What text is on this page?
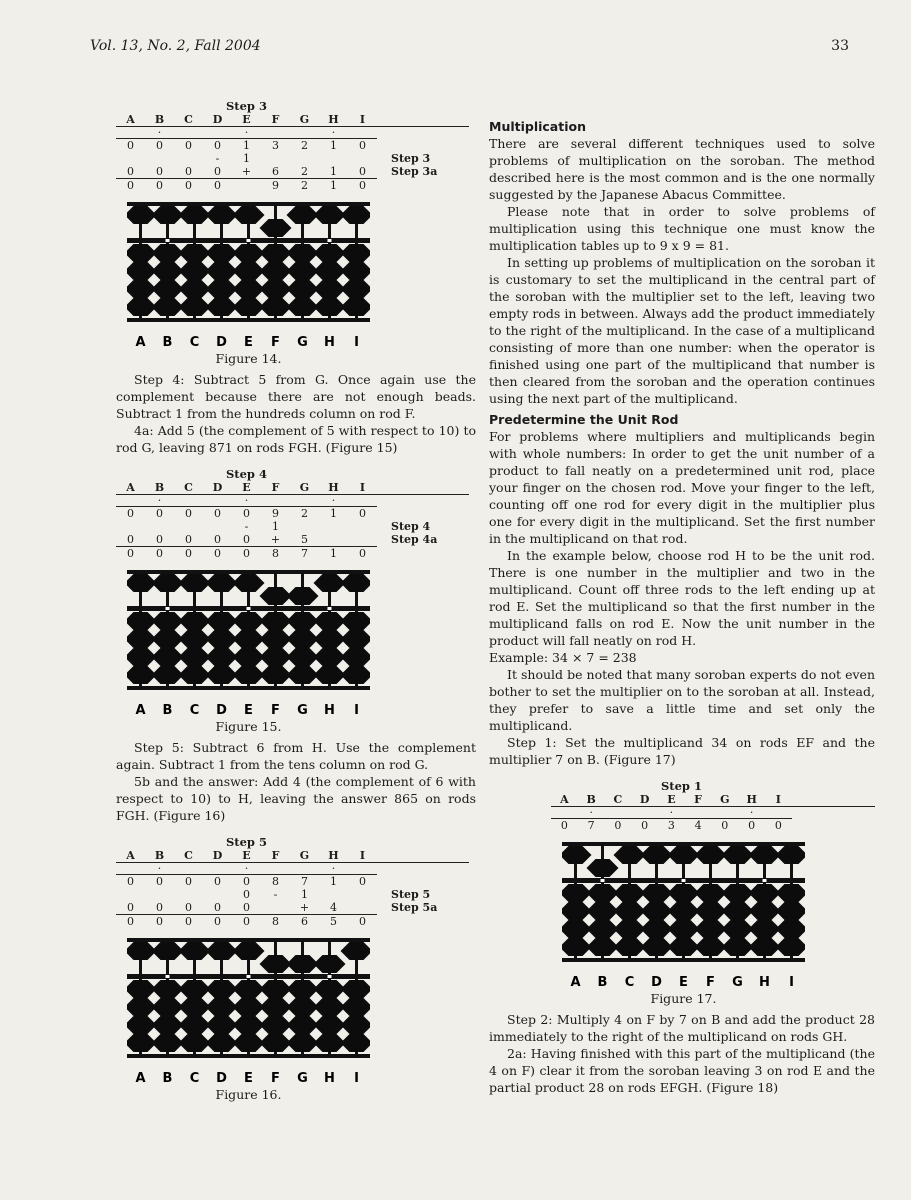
Vol. 13, No. 2, Fall 2004	33
Step 3
A	B	C	D	E	F	G	H	I	
	·			·			·		
0	0	0	0	1	3	2	1	0	
			-	1					Step 3
0	0	0	0	+	6	2	1	0	Step 3a
0	0	0	0		9	2	1	0	
A B C D E F G H I
Figure 14.

Step 4: Subtract 5 from G. Once again use the complement because there are not enough beads. Subtract 1 from the hundreds column on rod F.

4a: Add 5 (the complement of 5 with respect to 10) to rod G, leaving 871 on rods FGH. (Figure 15)

Step 4
A	B	C	D	E	F	G	H	I	
	·			·			·		
0	0	0	0	0	9	2	1	0	
				-	1				Step 4
0	0	0	0	0	+	5			Step 4a
0	0	0	0	0	8	7	1	0	
A B C D E F G H I
Figure 15.

Step 5: Subtract 6 from H. Use the complement again. Subtract 1 from the tens column on rod G.

5b and the answer: Add 4 (the complement of 6 with respect to 10) to H, leaving the answer 865 on rods FGH. (Figure 16)

Step 5
A	B	C	D	E	F	G	H	I	
	·			·			·		
0	0	0	0	0	8	7	1	0	
				0	-	1			Step 5
0	0	0	0	0		+	4		Step 5a
0	0	0	0	0	8	6	5	0	
A B C D E F G H I
Figure 16.
Multiplication

There are several different techniques used to solve problems of multiplication on the soroban. The method described here is the most common and is the one normally suggested by the Japanese Abacus Committee.

Please note that in order to solve problems of multiplication using this technique one must know the multiplication tables up to 9 x 9 = 81.

In setting up problems of multiplication on the soroban it is customary to set the multiplicand in the central part of the soroban with the multiplier set to the left, leaving two empty rods in between. Always add the product immediately to the right of the multiplicand. In the case of a multiplicand consisting of more than one number: when the operator is finished using one part of the multiplicand that number is then cleared from the soroban and the operation continues using the next part of the multiplicand.

Predetermine the Unit Rod

For problems where multipliers and multiplicands begin with whole numbers: In order to get the unit number of a product to fall neatly on a predetermined unit rod, place your finger on the chosen rod. Move your finger to the left, counting off one rod for every digit in the multiplier plus one for every digit in the multiplicand. Set the first number in the multiplicand on that rod.

In the example below, choose rod H to be the unit rod. There is one number in the multiplier and two in the multiplicand. Count off three rods to the left ending up at rod E. Set the multiplicand so that the first number in the multiplicand falls on rod E. Now the unit number in the product will fall neatly on rod H.

Example: 34 × 7 = 238

It should be noted that many soroban experts do not even bother to set the multiplier on to the soroban at all. Instead, they prefer to save a little time and set only the multiplicand.

Step 1: Set the multiplicand 34 on rods EF and the multiplier 7 on B. (Figure 17)

Step 1
A	B	C	D	E	F	G	H	I	
	·			·			·		
0	7	0	0	3	4	0	0	0	
A B C D E F G H I
Figure 17.

Step 2: Multiply 4 on F by 7 on B and add the product 28 immediately to the right of the multiplicand on rods GH.

2a: Having finished with this part of the multiplicand (the 4 on F) clear it from the soroban leaving 3 on rod E and the partial product 28 on rods EFGH. (Figure 18)
